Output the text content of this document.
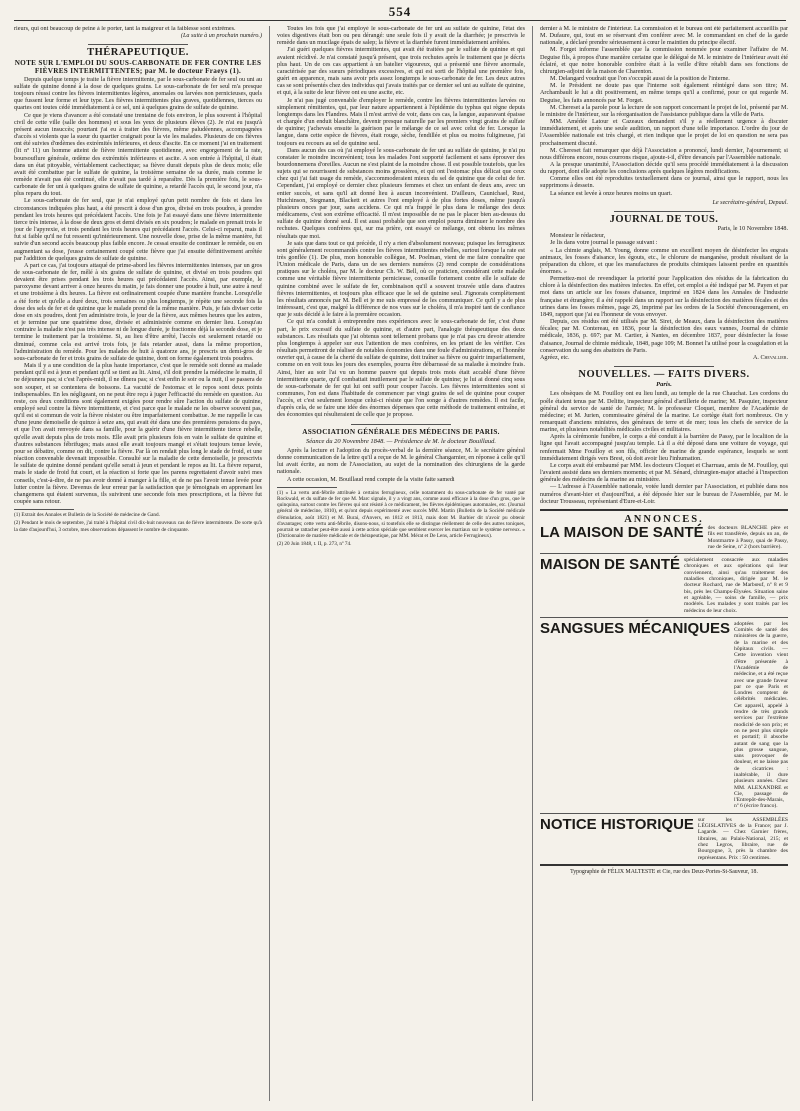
554

rieurs, qui ont beaucoup de peine à le porter, tant la maigreur et la faiblesse sont extrêmes.

(La suite à un prochain numéro.)

THÉRAPEUTIQUE.
NOTE SUR L'EMPLOI DU SOUS-CARBONATE DE FER CONTRE LES FIÈVRES INTERMITTENTES; par M. le docteur Fraeys (1).

Depuis quelque temps je traite la fièvre intermittente, par le sous-carbonate de fer seul ou uni au sulfate de quinine donné à la dose de quelques grains. Le sous-carbonate de fer seul m'a presque toujours réussi contre les fièvres intermittentes légères, anomales ou larvées non pernicieuses, quels que fussent leur forme et leur type. Les fièvres intermittentes plus graves, quotidiennes, tierces ou quartes ont toutes cédé immédiatement à ce sel, uni à quelques grains de sulfate de quinine.

Ce que je viens d'avancer a été constaté une trentaine de fois environ, le plus souvent à l'hôpital civil de cette ville (salle des hommes) et sous les yeux de plusieurs élèves (2). Je n'ai eu jusqu'à présent aucun insuccès; pourtant j'ai eu à traiter des fièvres, même paludéennes, accompagnées d'accès si violents que la sueur du quartier craignait pour la vie les malades. Plusieurs de ces fièvres ont été suivies d'œdèmes des extrémités inférieures, et deux d'ascite. En ce moment j'ai en traitement (lit nº 11) un homme atteint de fièvre intermittente quotidienne, avec engorgement de la rate, boursouflure générale, œdème des extrémités inférieures et ascite. A son entrée à l'hôpital, il était dans un état pitoyable, véritablement cachectique; sa fièvre durait depuis plus de deux mois; elle avait été combattue par le sulfate de quinine, la troisième semaine de sa durée, mais comme le remède n'avait pas été continué, elle n'avait pas tardé à reparaître. Dès la première fois, le sous-carbonate de fer uni à quelques grains de sulfate de quinine, a retardé l'accès qui, le second jour, n'a plus reparu du tout.

Le sous-carbonate de fer seul, que je n'ai employé qu'un petit nombre de fois et dans les circonstances indiquées plus haut, a été prescrit à dose d'un gros, divisé en trois poudres, à prendre pendant les trois heures qui précédaient l'accès. Une fois je l'ai essayé dans une fièvre intermittente tierce très intense, à la dose de deux gros et demi divisés en six poudres; le malade en prenait trois le jour de l'apyrexie, et trois pendant les trois heures qui précédaient l'accès. Celui-ci reparut, mais il fut si faible qu'il ne fut ressenti qu'intérieurement. Une nouvelle dose, prise de la même manière, fut suivie d'un second accès beaucoup plus faible encore. Je cessai ensuite de continuer le remède, ou en augmentant sa dose, j'eusse certainement coupé cette fièvre que j'ai ensuite définitivement arrêtée par l'addition de quelques grains de sulfate de quinine.

A part ce cas, j'ai toujours attaqué de prime-abord les fièvres intermittentes intenses, par un gros de sous-carbonate de fer, mêlé à six grains de sulfate de quinine, et divisé en trois poudres qui devaient être prises pendant les trois heures qui précédaient l'accès. Ainsi, par exemple, le paroxysme devant arriver à onze heures du matin, je fais donner une poudre à huit, une autre à neuf et une troisième à dix heures. La fièvre est ordinairement coupée d'une manière franche. Lorsqu'elle a été forte et qu'elle a duré deux, trois semaines ou plus longtemps, je répète une seconde fois la dose des sels de fer et de quinine que le malade prend de la même manière. Puis, je fais diviser cette dose en six poudres, dont j'en administre trois, le jour de la fièvre, aux mêmes heures que les autres, et je termine par une quatrième dose, divisée et administrée comme en dernier lieu. Lorsqu'au contraire la maladie n'est pas très intense ni de longue durée, je fractionne déjà la seconde dose, et je termine le traitement par la troisième. Si, au lieu d'être arrêté, l'accès est seulement retardé ou diminué, comme cela est arrivé trois fois, je fais retarder aussi, dans la même proportion, l'administration du remède. Pour les malades de huit à quatorze ans, je prescris un demi-gros de sous-carbonate de fer et trois grains de sulfate de quinine, dont on forme également trois poudres.

Mais il y a une condition de la plus haute importance, c'est que le remède soit donné au malade pendant qu'il est à jeun et pendant qu'il se tient au lit. Ainsi, s'il doit prendre la médecine le matin, il ne déjeunera pas; si c'est l'après-midi, il ne dînera pas; si c'est enfin le soir ou la nuit, il se passera de son souper, et se contentera de boissons. La vacuité de l'estomac et le repos sont deux points indispensables. En les négligeant, on ne peut être reçu à juger l'efficacité du remède en question. Au reste, ces deux conditions sont également exigées pour rendre sûre l'action du sulfate de quinine, employé seul contre la fièvre intermittente, et c'est parce que le malade ne les observe souvent pas, qu'il est si commun de voir la fièvre résister ou être imparfaitement combattue. Je me rappelle le cas d'une jeune demoiselle de quinze à seize ans, qui avait été dans une des premières pensions du pays, et que l'on avait renvoyée dans sa famille, pour la guérir d'une fièvre intermittente tierce rebelle, qu'elle avait depuis plus de trois mois. Elle avait pris plusieurs fois en vain le sulfate de quinine et d'autres substances fébrifuges; mais aussi elle avait toujours mangé et s'était toujours tenue levée, pour se débattre, comme on dit, contre la fièvre. Par là on rendait plus long le stade de froid, et une réaction convenable devenait impossible. Consulté sur la maladie de cette demoiselle, je prescrivis le sulfate de quinine donné pendant qu'elle serait à jeun et pendant le repos au lit. La fièvre reparut, mais le stade de froid fut court, et la réaction si forte que les parens regrettaient d'avoir suivi mes conseils, c'est-à-dire, de ne pas avoir donné à manger à la fille, et de ne pas l'avoir tenue levée pour lutter contre la fièvre. Devenus de leur erreur par la satisfaction que je témoignais en apprenant les changemens qui étaient survenus, ils suivirent une seconde fois mes prescriptions, et la fièvre fut coupée sans retour.

(1) Extrait des Annales et Bulletin de la Société de médecine de Gand.
(2) Pendant le mois de septembre, j'ai traité à l'hôpital civil dix-huit nouveaux cas de fièvre intermittente. De sorte qu'à la date d'aujourd'hui, 3 octobre, mes observations dépassent le nombre de cinquante.

Toutes les fois que j'ai employé le sous-carbonate de fer uni au sulfate de quinine, l'état des voies digestives était bon ou peu dérangé: une seule fois il y avait de la diarrhée; je prescrivis le remède dans un mucilage épais de salep; la fièvre et la diarrhée furent immédiatement arrêtées.

J'ai guéri quelques fièvres intermittentes, qui avait été traitées par le sulfate de quinine et qui avaient récidivé. Je n'ai constaté jusqu'à présent, que trois rechutes après le traitement que je décris plus haut. Un de ces cas appartient à un batelier vigoureux, qui a présenté une fièvre anormale, caractérisée par des sueurs périodiques excessives, et qui est sorti de l'hôpital une première fois, guéri en apparence, mais sans avoir pris assez longtemps le sous-carbonate de fer. Les deux autres cas se sont présentés chez des individus qui j'avais traités par ce dernier sel uni au sulfate de quinine, et qui, à la suite de leur fièvre ont eu une ascite, etc.

Je n'ai pas jugé convenable d'employer le remède, contre les fièvres intermittentes larvées ou simplement rémittentes, qui, par leur nature appartiennent à l'épidémie du typhus qui règne depuis longtemps dans les Flandres. Mais il m'est arrivé de voir, dans ces cas, la langue, auparavant épaisse et chargée d'un enduit blanchâtre, devenir presque naturelle par les premiers vingt grains de sulfate de quinine; j'achevais ensuite la guérison par le mélange de ce sel avec celui de fer. Lorsque la langue, dans cette espèce de fièvres, était rouge, sèche, fendillée et plus ou moins fuligineuse, j'ai toujours eu recours au sel de quinine seul.

Dans aucun des cas où j'ai employé le sous-carbonate de fer uni au sulfate de quinine, je n'ai pu constater le moindre inconvénient; tous les malades l'ont supporté facilement et sans éprouver des bourdonnemens d'oreilles. Aucun ne s'est plaint de la moindre chose. Il est possible toutefois, que les sujets qui se nourrissent de substances moins grossières, et qui ont l'estomac plus délicat que ceux chez qui j'ai fait usage du remède, s'accommoderaient mieux du sel de quinine que de celui de fer. Cependant, j'ai employé ce dernier chez plusieurs femmes et chez un enfant de deux ans, avec un entier succès, et sans qu'il ait donné lieu à aucun inconvénient. D'ailleurs, Caunichael, Rust, Hutchinson, Stegmann, Blackett et autres l'ont employé à de plus fortes doses, même jusqu'à plusieurs onces par jour, sans accidens. Ce qui m'a frappé le plus dans le mélange des deux médicamens, c'est son extrême efficacité. Il m'est impossible de ne pas le placer bien au-dessus du sulfate de quinine donné seul. Il est aussi probable que son emploi pourra diminuer le nombre des rechutes. Quelques confrères qui, sur ma prière, ont essayé ce mélange, ont obtenu les mêmes résultats que moi.

Je sais que dans tout ce qui précède, il n'y a rien d'absolument nouveau; puisque les ferrugineux sont généralement recommandés contre les fièvres intermittentes rebelles, surtout lorsque la rate est très gonflée (1). De plus, mon honorable collègue, M. Poelman, vient de me faire connaître que l'Union médicale de Paris, dans un de ses derniers numéros (2) rend compte de considérations pratiques sur le choléra, par M. le docteur Ch. W. Bell, où ce praticien, considérant cette maladie comme une véritable fièvre intermittente pernicieuse, conseille fortement contre elle le sulfate de quinine combiné avec le sulfate de fer, combinaison qu'il a souvent trouvée utile dans d'autres fièvres intermittentes, et toujours plus efficace que le sel de quinine seul. J'ignorais complètement les résultats annoncés par M. Bell et je me suis empressé de les communiquer. Ce qu'il y a de plus intéressant, c'est que, malgré la différence de nos vues sur le choléra, il m'a inspiré tant de confiance que je suis décidé à le faire à la première occasion.

Ce qui m'a conduit à entreprendre mes expériences avec le sous-carbonate de fer, c'est d'une part, le prix excessif du sulfate de quinine, et d'autre part, l'analogie thérapeutique des deux substances. Les résultats que j'ai obtenus sont tellement probans que je n'ai pas cru devoir attendre plus longtemps à appeler sur eux l'attention de mes confrères, en les priant de les vérifier. Ces résultats permettront de réaliser de notables économies dans une foule d'administrations, et l'honnête ouvrier qui, à cause de la cherté du sulfate de quinine, doit traîner sa fièvre ou guérir imparfaitement, comme on en voit tous les jours des exemples, pourra être débarrassé de sa maladie à moindre frais. Ainsi, hier au soir l'ai vu un homme pauvre qui depuis trois mois était accablé d'une fièvre intermittente quarte, qu'il combattait inutilement par le sulfate de quinine; je lui ai donné cinq sous de sous-carbonate de fer qui lui ont suffi pour couper l'accès. Les fièvres intermittentes sont si communes, l'on est dans l'habitude de commencer par vingt grains de sel de quinine pour couper l'accès, et c'est seulement lorsque celui-ci résiste que l'on songe à d'autres remèdes. Il est facile, d'après cela, de se faire une idée des énormes dépenses que cette méthode de traitement entraîne, et des économies qui résulteraient de celle que je propose.

ASSOCIATION GÉNÉRALE DES MÉDECINS DE PARIS.
Séance du 20 Novembre 1848. — Présidence de M. le docteur Bouillaud.

Après la lecture et l'adoption du procès-verbal de la dernière séance, M. le secrétaire général donne communication de la lettre qu'il a reçue de M. le général Changarnier, en réponse à celle qu'il lui avait écrite, au nom de l'Association, au sujet de la nomination des chirurgiens de la garde nationale.

A cette occasion, M. Bouillaud rend compte de la visite faite samedi

(1) « La vertu anti-fébrile attribuée à certains ferrugineux, celle notamment du sous-carbonate de fer vanté par Rockwald, et du sulfate de fer que M. Marc signale, il y a vingt ans, comme aussi efficace à la dose d'un gros, que le quinquina, surtout contre les fièvres qui ont résisté à ce médicament, les fièvres épidémiques automnales, etc. (Journal général de médecine, 1810), et qu'ont depuis expérimenté avec succès MM. Martin (Bulletin de la Société médicale d'émulation, août 1821) et M. Burai, d'Anvers, en 1812 et 1813, mais dont M. Barbier dit n'avoir pu obtenir d'avantages; cette vertu anti-fébrile, disons-nous, si toutefois elle se distingue réellement de celle des autres toniques, pourrait se rattacher peut-être aussi à cette action spéciale que semblent exercer les martiaux sur le système nerveux. » (Dictionnaire de matière médicale et de thérapeutique, par MM. Mérat et De Lens, article Ferrugineux).
(2) 20 Juin 1848, t. II, p. 273, nº 74.

dernier à M. le ministre de l'intérieur. La commission et le bureau ont été parfaitement accueillis par M. Dufaure, qui, tout en se réservant d'en conférer avec M. le commandant en chef de la garde nationale, a déclaré prendre sérieusement à cœur le maintien du principe électif.

M. Forget informe l'assemblée que la commission nommée pour examiner l'affaire de M. Deguise fils, à propos d'une manière certaine que le délégué de M. le ministre de l'intérieur avait été éclairé, et que notre honorable confrère était à la veille d'être rétabli dans ses fonctions de chirurgien-adjoint de la maison de Charenton.

M. Delangard voudrait que l'on s'occupât aussi de la position de l'interne.

M. le Président ne doute pas que l'interne soit également réintégré dans son titre; M. Archambault le lui a dit positivement, en même temps qu'il a confirmé, pour ce qui regarde M. Deguise, les faits annoncés par M. Forget.

M. Chereset a la parole pour la lecture de son rapport concernant le projet de loi, présenté par M. le ministre de l'intérieur, sur la réorganisation de l'assistance publique dans la ville de Paris.

MM. Amédée Latour et Cazeaux demandent s'il y a réellement urgence à discuter immédiatement, et après une seule audition, un rapport d'une telle importance. L'ordre du jour de l'Assemblée nationale est très chargé, et rien indique que le projet de loi en question ne sera pas prochainement discuté.

M. Chereset fait remarquer que déjà l'Association a prononcé, lundi dernier, l'ajournement; si nous différons encore, nous courrons risque, ajoute-t-il, d'être devancés par l'Assemblée nationale.

A la presque unanimité, l'Association décide qu'il sera procédé immédiatement à la discussion du rapport, dont elle adopte les conclusions après quelques légères modifications.

Comme elles ont été reproduites textuellement dans ce journal, ainsi que le rapport, nous les supprimons à dessein.

La séance est levée à onze heures moins un quart.

Le secrétaire-général, Depaul.
JOURNAL DE TOUS.
Paris, le 10 Novembre 1848.

Monsieur le rédacteur,

Je lis dans votre journal le passage suivant :

« La chimie anglais, M. Young, donne comme un excellent moyen de désinfecter les engrais animaux, les fosses d'aisance, les égouts, etc., le chlorure de manganèse, produit résultant de la préparation du chlore, et que les manufactures de produits chimiques laissent perdre en quantités énormes. »

Permettez-moi de revendiquer la priorité pour l'application des résidus de la fabrication du chlore à la désinfection des matières infectes. En effet, cet emploi a été indiqué par M. Payen et par moi dans un article sur les fosses d'aisance, imprimé en 1824 dans les Annales de l'industrie française et étrangère; il a été rappelé dans un rapport sur la désinfection des matières fécales et des urines dans les fosses mêmes, page 26, imprimé par les ordres de la Société d'encouragement, en 1849, rapport que j'ai eu l'honneur de vous envoyer.

Depuis, ces résidus ont été utilisés par M. Siret, de Meaux, dans la désinfection des matières fécales; par M. Contereau, en 1836, pour la désinfection des eaux vannes, Journal de chimie médicale, 1836, p. 697; par M. Cartier, à Nantes, en décembre 1837, pour désinfecter la fosse d'aisance, Journal de chimie médicale, 1848, page 109; M. Bonnet l'a utilisé pour la coagulation et la conservation du sang des abattoirs de Paris.

Agréez, etc.	A. Chevallier.
NOUVELLES. — FAITS DIVERS.
Paris.

Les obsèques de M. Fouilloy ont eu lieu lundi, au temple de la rue Chauchat. Les cordons du poêle étaient tenus par M. Delitte, inspecteur général d'artillerie de marine; M. Pasquier, inspecteur général du service de santé de l'armée; M. le professeur Cloquet, membre de l'Académie de médecine; et M. Jurien, commissaire général de la marine. Le cortège était fort nombreux. On y remarquait d'anciens ministres, des généraux de terre et de mer; tous les chefs de service de la marine, et plusieurs notabilités médicales civiles et militaires.

Après la cérémonie funèbre, le corps a été conduit à la barrière de Passy, par le localiion de la ligne qui l'avait accompagné jusqu'au temple. Là il a été déposé dans une voiture de voyage, qui renfermait Mme Fouilloy et son fils, officier de marine de grande espérance, lesquels se sont immédiatement dirigés vers Brest, où doit avoir lieu l'inhumation.

Le corps avait été embaumé par MM. les docteurs Cloquet et Charruau, amis de M. Fouilloy, qui l'avaient assisté dans ses derniers moments; et par M. Sénard, chirurgien-major attaché à l'inspection générale des médecins de la marine au ministère.

— L'adresse à l'Assemblée nationale, votée lundi dernier par l'Association, et publiée dans nos numéros d'avant-hier et d'aujourd'hui, a été déposée hier sur le bureau de l'Assemblée, par M. le docteur Trousseau, représentant d'Eure-et-Loir.

ANNONCES.
LA MAISON DE SANTÉ des docteurs BLANCHE père et fils est transférée, depuis un an, de Montmartre à Passy, quai de Passy, rue de Seine, nº 2 (hors barrière).
MAISON DE SANTÉ spécialement consacrée aux maladies chroniques et aux opérations qui leur conviennent, ainsi qu'au traitement des maladies chroniques, dirigée par M. le docteur Rochard, rue de Marbœuf, nº 8 et 9 bis, près les Champs-Élysées. Situation saine et agréable, — soins de famille, — prix modérés. Les malades y sont traités par les médecins de leur choix.
SANGSUES MÉCANIQUES adoptées par les Comités de santé des ministères de la guerre, de la marine et des hôpitaux civils. — Cette invention vient d'être présentée à l'Académie de médecine, et a été reçue avec une grande faveur par ce que Paris et Londres comptent de célébrités médicales. Cet appareil, appelé à rendre de très grands services par l'extrême modicité de son prix; et on ne peut plus simple et portatif; il absorbe autant de sang que la plus grosse sangsue, sans provoquer de douleur, et ne laisse pas de cicatrices : inaltérable, il dure plusieurs années. Chez MM. ALEXANDRE et Cie, passage de l'Entrepôt-des-Marais, nº 6 (écrire franco).
NOTICE HISTORIQUE sur les ASSEMBLÉES LÉGISLATIVES de la France; par J. Lagarde. — Chez Garnier frères, libraires, au Palais-National, 215; et chez Legros, libraire, rue de Bourgogne, 3, près la chambre des représentans. Prix : 50 centimes.
Typographie de FÉLIX MALTESTE et Cie, rue des Deux-Portes-St-Sauveur, 18.
